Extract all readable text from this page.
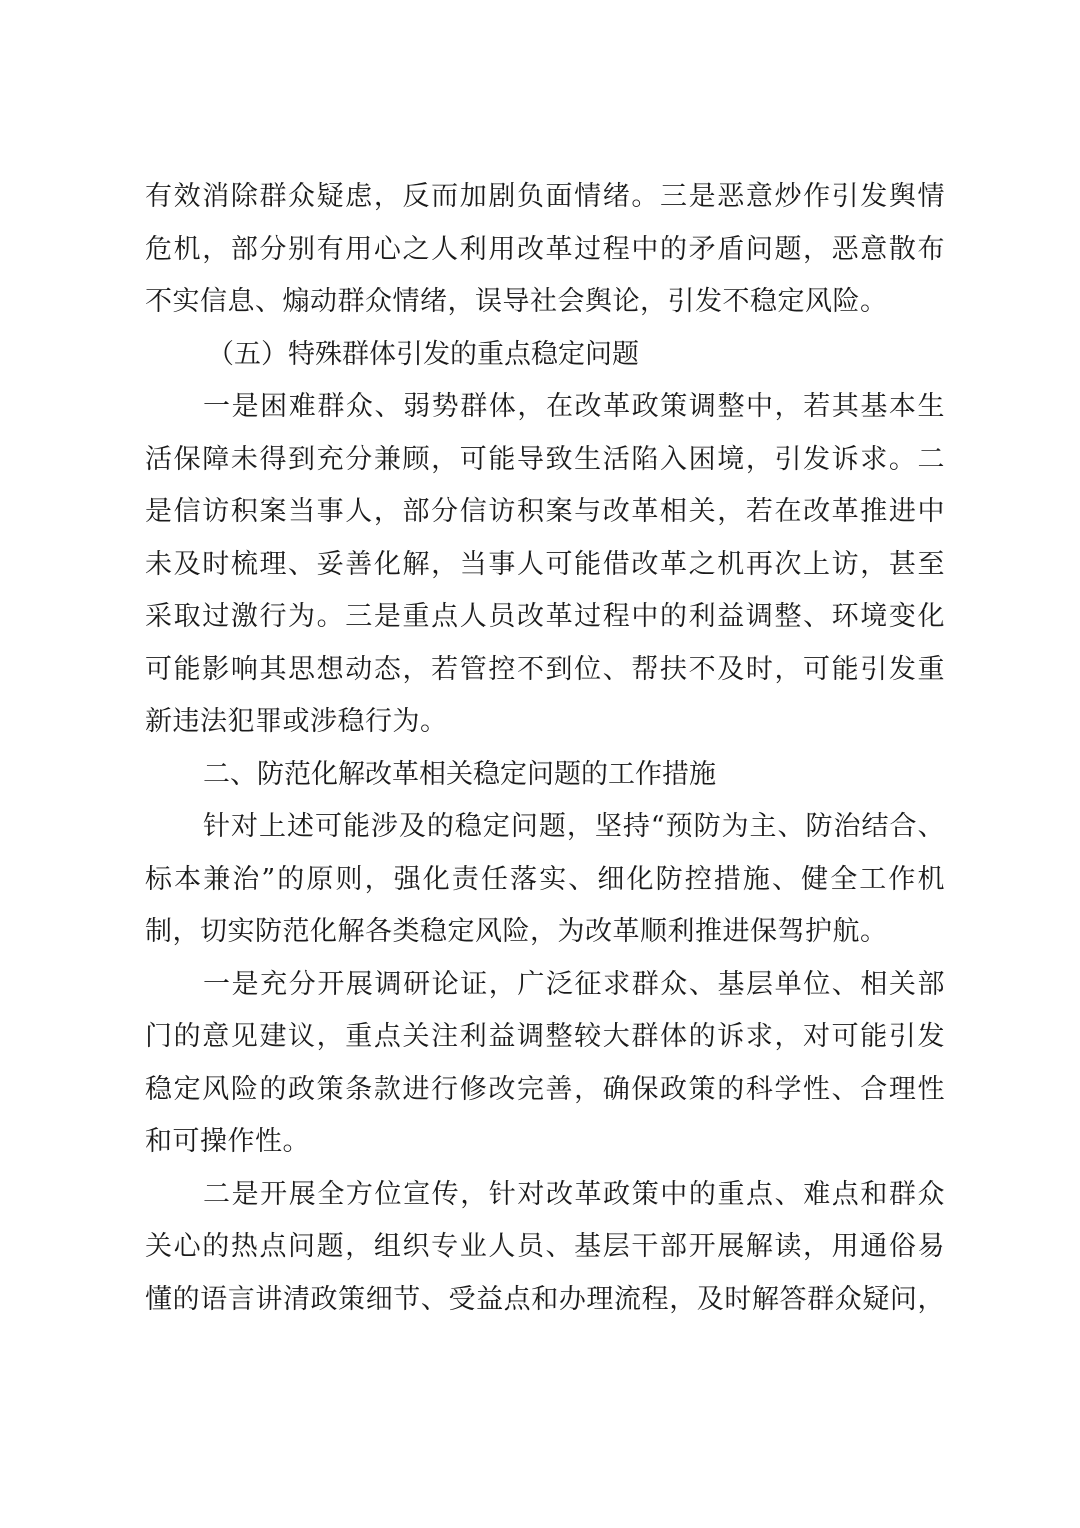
有效消除群众疑虑，反而加剧负面情绪。三是恶意炒作引发舆情
危机，部分别有用心之人利用改革过程中的矛盾问题，恶意散布
不实信息、煽动群众情绪，误导社会舆论，引发不稳定风险。
（五）特殊群体引发的重点稳定问题
一是困难群众、弱势群体，在改革政策调整中，若其基本生
活保障未得到充分兼顾，可能导致生活陷入困境，引发诉求。二
是信访积案当事人，部分信访积案与改革相关，若在改革推进中
未及时梳理、妥善化解，当事人可能借改革之机再次上访，甚至
采取过激行为。三是重点人员改革过程中的利益调整、环境变化
可能影响其思想动态，若管控不到位、帮扶不及时，可能引发重
新违法犯罪或涉稳行为。
二、防范化解改革相关稳定问题的工作措施
针对上述可能涉及的稳定问题，坚持“预防为主、防治结合、
标本兼治”的原则，强化责任落实、细化防控措施、健全工作机
制，切实防范化解各类稳定风险，为改革顺利推进保驾护航。
一是充分开展调研论证，广泛征求群众、基层单位、相关部
门的意见建议，重点关注利益调整较大群体的诉求，对可能引发
稳定风险的政策条款进行修改完善，确保政策的科学性、合理性
和可操作性。
二是开展全方位宣传，针对改革政策中的重点、难点和群众
关心的热点问题，组织专业人员、基层干部开展解读，用通俗易
懂的语言讲清政策细节、受益点和办理流程，及时解答群众疑问，
